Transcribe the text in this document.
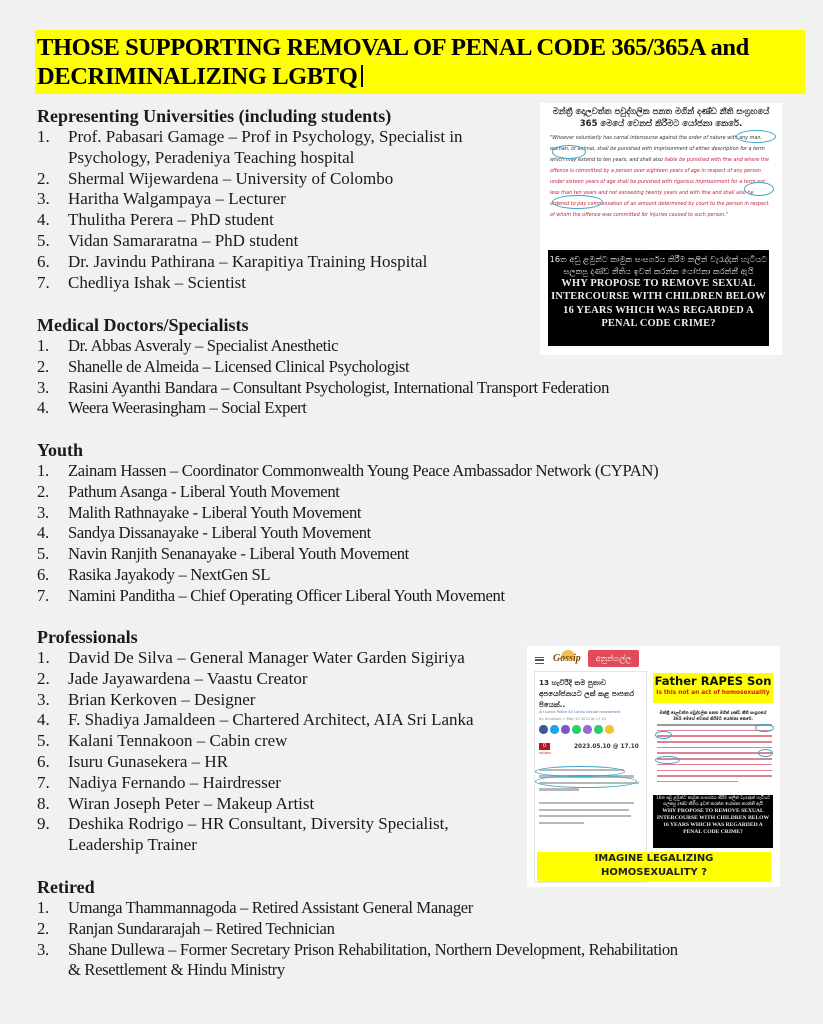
THOSE SUPPORTING REMOVAL OF PENAL CODE 365/365A and
DECRIMINALIZING LGBTQ
Representing Universities (including students)
1. Prof. Pabasari Gamage – Prof in Psychology, Specialist in
Psychology, Peradeniya Teaching hospital
2. Shermal Wijewardena – University of Colombo
3. Haritha Walgampaya – Lecturer
4. Thulitha Perera – PhD student
5. Vidan Samararatna – PhD student
6. Dr. Javindu Pathirana – Karapitiya Training Hospital
7. Chedliya Ishak – Scientist
Medical Doctors/Specialists
1. Dr. Abbas Asveraly – Specialist Anesthetic
2. Shanelle de Almeida – Licensed Clinical Psychologist
3. Rasini Ayanthi Bandara – Consultant Psychologist, International Transport Federation
4. Weera Weerasingham – Social Expert
Youth
1. Zainam Hassen – Coordinator Commonwealth Young Peace Ambassador Network (CYPAN)
2. Pathum Asanga - Liberal Youth Movement
3. Malith Rathnayake - Liberal Youth Movement
4. Sandya Dissanayake - Liberal Youth Movement
5. Navin Ranjith Senanayake - Liberal Youth Movement
6. Rasika Jayakody – NextGen SL
7. Namini Panditha – Chief Operating Officer Liberal Youth Movement
Professionals
1. David De Silva – General Manager Water Garden Sigiriya
2. Jade Jayawardena – Vaastu Creator
3. Brian Kerkoven – Designer
4. F. Shadiya Jamaldeen – Chartered Architect, AIA Sri Lanka
5. Kalani Tennakoon – Cabin crew
6. Isuru Gunasekera – HR
7. Nadiya Fernando – Hairdresser
8. Wiran Joseph Peter – Makeup Artist
9. Deshika Rodrigo – HR Consultant, Diversity Specialist,
Leadership Trainer
Retired
1. Umanga Thammannagoda – Retired Assistant General Manager
2. Ranjan Sundararajah – Retired Technician
3. Shane Dullewa – Former Secretary Prison Rehabilitation, Northern Development, Rehabilitation
& Resettlement & Hindu Ministry
මන්ත්‍රී දොලවත්ත පවුද්ගලික පනත මගින් දණ්ඩ නීති සංග්‍රහයේ 365 මෙයේ වෙනස් කිරීමට යෝජනා කෙරේ.
"Whoever voluntarily has carnal intercourse against the order of nature with any man, woman, or animal, shall be punished with imprisonment of either description for a term which may extend to ten years, and shall also liable be punished with fine and where the offence is committed by a person over eighteen years of age in respect of any person under sixteen years of age shall be punished with rigorous imprisonment for a term not less than ten years and not exceeding twenty years and with fine and shall also be ordered to pay compensation of an amount determined by court to the person in respect of whom the offence was committed for injuries caused to such person."
16ත අඩු ළමුන්ට කාමුක සංසර්ගය කිරීම කලින් වැරැද්දක් හැටියට සලකපු දණ්ඩ නීතිය ඉවත් කරන්න යෝජනා කරන්නී ඇයි
WHY PROPOSE TO REMOVE SEXUAL
INTERCOURSE WITH CHILDREN BELOW
16 YEARS WHICH WAS REGARDED A
PENAL CODE CRIME?
Gossip	අනුන්ගල්ල
13 හැවිරිදි තම පුතාව අපයෝජනයට ලක් කළ පාපතර පියෙක්..
Sri Lanka Police Sri Lanka Sexual harassment
By Anushani ⏲ May 10 2023 at 17:10
0
SHARES
2023.05.10 @ 17.10
Father RAPES Son
Is this not an act of homosexuality
මන්ත්‍රී දොලවත්ත පවුද්ගලික පනත මගින් දණ්ඩ නීති සංග්‍රහයේ 365 මෙයේ වෙනස් කිරීමට යෝජනා කෙරේ.
16ත අඩු ළමුන්ට කාමුක සංසර්ගය කිරීම කලින් වැරැද්දක් හැටියට සලකපු දණ්ඩ නීතිය ඉවත් කරන්න යෝජනා කරන්නී ඇයි
WHY PROPOSE TO REMOVE SEXUAL
INTERCOURSE WITH CHILDREN BELOW
16 YEARS WHICH WAS REGARDED A
PENAL CODE CRIME?
IMAGINE LEGALIZING
HOMOSEXUALITY ?
